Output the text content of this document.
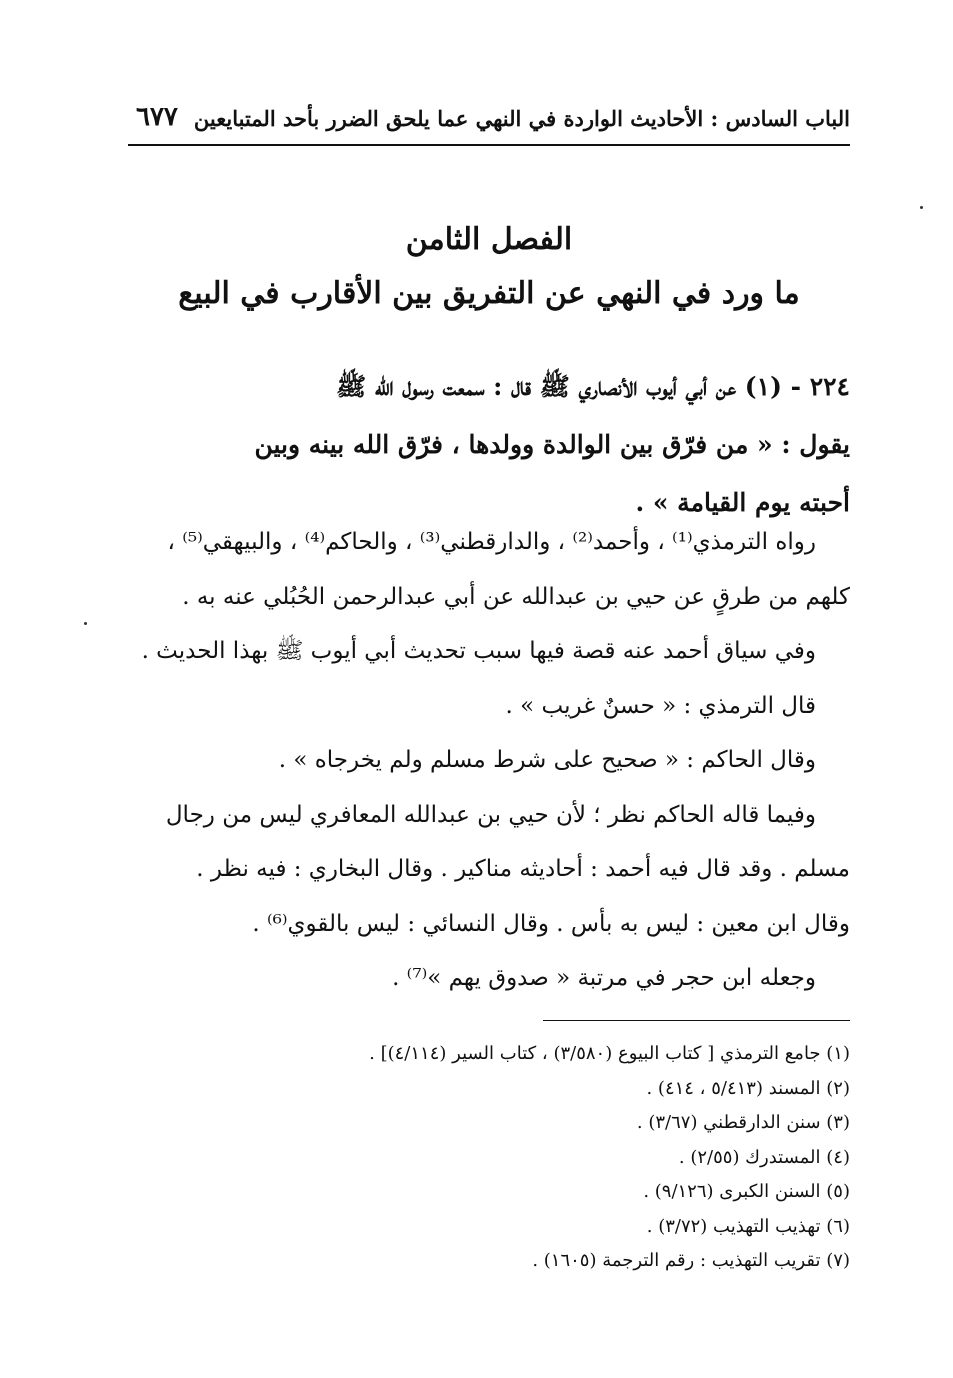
الباب السادس : الأحاديث الواردة في النهي عما يلحق الضرر بأحد المتبايعين
٦٧٧
الفصل الثامن
ما ورد في النهي عن التفريق بين الأقارب في البيع
٢٢٤ - (١) عن أبي أيوب الأنصاري ﷺ قال : سمعت رسول الله ﷺ
يقول : « من فرّق بين الوالدة وولدها ، فرّق الله بينه وبين
أحبته يوم القيامة » .
رواه الترمذي⁽¹⁾ ، وأحمد⁽²⁾ ، والدارقطني⁽³⁾ ، والحاكم⁽⁴⁾ ، والبيهقي⁽⁵⁾ ،
كلهم من طرقٍ عن حيي بن عبدالله عن أبي عبدالرحمن الحُبُلي عنه به .
وفي سياق أحمد عنه قصة فيها سبب تحديث أبي أيوب ﷺ بهذا الحديث .
قال الترمذي : « حسنٌ غريب » .
وقال الحاكم : « صحيح على شرط مسلم ولم يخرجاه » .
وفيما قاله الحاكم نظر ؛ لأن حيي بن عبدالله المعافري ليس من رجال
مسلم . وقد قال فيه أحمد : أحاديثه مناكير . وقال البخاري : فيه نظر .
وقال ابن معين : ليس به بأس . وقال النسائي : ليس بالقوي⁽⁶⁾ .
وجعله ابن حجر في مرتبة « صدوق يهم »⁽⁷⁾ .
(١) جامع الترمذي [ كتاب البيوع (٣/٥٨٠) ، كتاب السير (٤/١١٤)] .
(٢) المسند (٥/٤١٣ ، ٤١٤) .
(٣) سنن الدارقطني (٣/٦٧) .
(٤) المستدرك (٢/٥٥) .
(٥) السنن الكبرى (٩/١٢٦) .
(٦) تهذيب التهذيب (٣/٧٢) .
(٧) تقريب التهذيب : رقم الترجمة (١٦٠٥) .
